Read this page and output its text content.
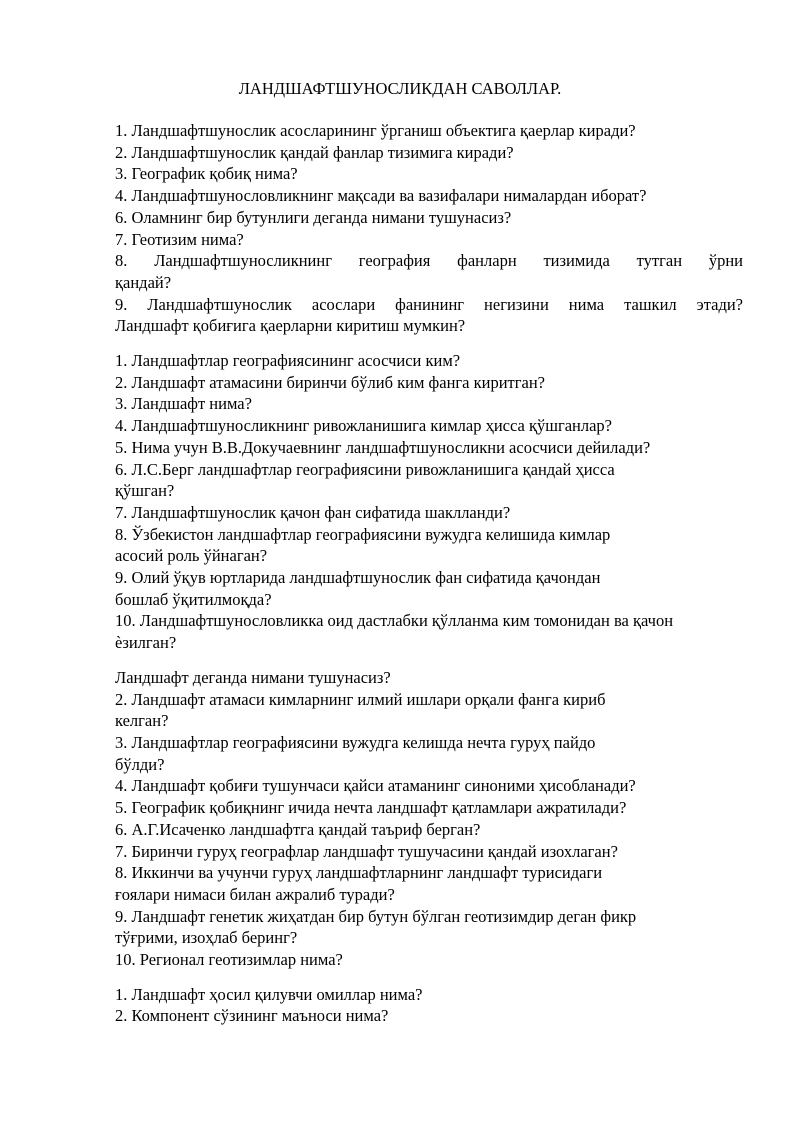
ЛАНДШАФТШУНОСЛИКДАН САВОЛЛАР.
1. Ландшафтшунослик асосларининг ўрганиш объектига қаерлар киради?
2. Ландшафтшунослик қандай фанлар тизимига киради?
3. Географик қобиқ нима?
4. Ландшафтшунословликнинг мақсади ва вазифалари нималардан иборат?
6. Оламнинг бир бутунлиги деганда нимани тушунасиз?
7. Геотизим нима?
8. Ландшафтшуносликнинг география фанларн тизимида тутган ўрни
қандай?
9. Ландшафтшунослик асослари фанининг негизини нима ташкил этади?
Ландшафт қобиғига қаерларни киритиш мумкин?
1. Ландшафтлар географиясининг асосчиси ким?
2. Ландшафт атамасини биринчи бўлиб ким фанга киритган?
3. Ландшафт нима?
4. Ландшафтшуносликнинг ривожланишига кимлар ҳисса қўшганлар?
5. Нима учун В.В.Докучаевнинг ландшафтшуносликни асосчиси дейилади?
6. Л.С.Берг ландшафтлар географиясини ривожланишига қандай ҳисса
қўшган?
7. Ландшафтшунослик қачон фан сифатида шаклланди?
8. Ўзбекистон ландшафтлар географиясини вужудга келишида кимлар
асосий роль ўйнаган?
9. Олий ўқув юртларида ландшафтшунослик фан сифатида қачондан
бошлаб ўқитилмоқда?
10. Ландшафтшунословликка оид дастлабки қўлланма ким томонидан ва қачон
ѐзилган?
Ландшафт деганда нимани тушунасиз?
2. Ландшафт атамаси кимларнинг илмий ишлари орқали фанга кириб
келган?
3. Ландшафтлар географиясини вужудга келишда нечта гуруҳ пайдо
бўлди?
4. Ландшафт қобиғи тушунчаси қайси атаманинг синоними ҳисобланади?
5. Географик қобиқнинг ичида нечта ландшафт қатламлари ажратилади?
6. А.Г.Исаченко ландшафтга қандай таъриф берган?
7. Биринчи гуруҳ географлар ландшафт тушучасини қандай изохлаган?
8. Иккинчи ва учунчи гуруҳ ландшафтларнинг ландшафт турисидаги
ғоялари нимаси билан ажралиб туради?
9. Ландшафт генетик жиҳатдан бир бутун бўлган геотизимдир деган фикр
тўғрими, изоҳлаб беринг?
10. Регионал геотизимлар нима?
1. Ландшафт ҳосил қилувчи омиллар нима?
2. Компонент сўзининг маъноси нима?
